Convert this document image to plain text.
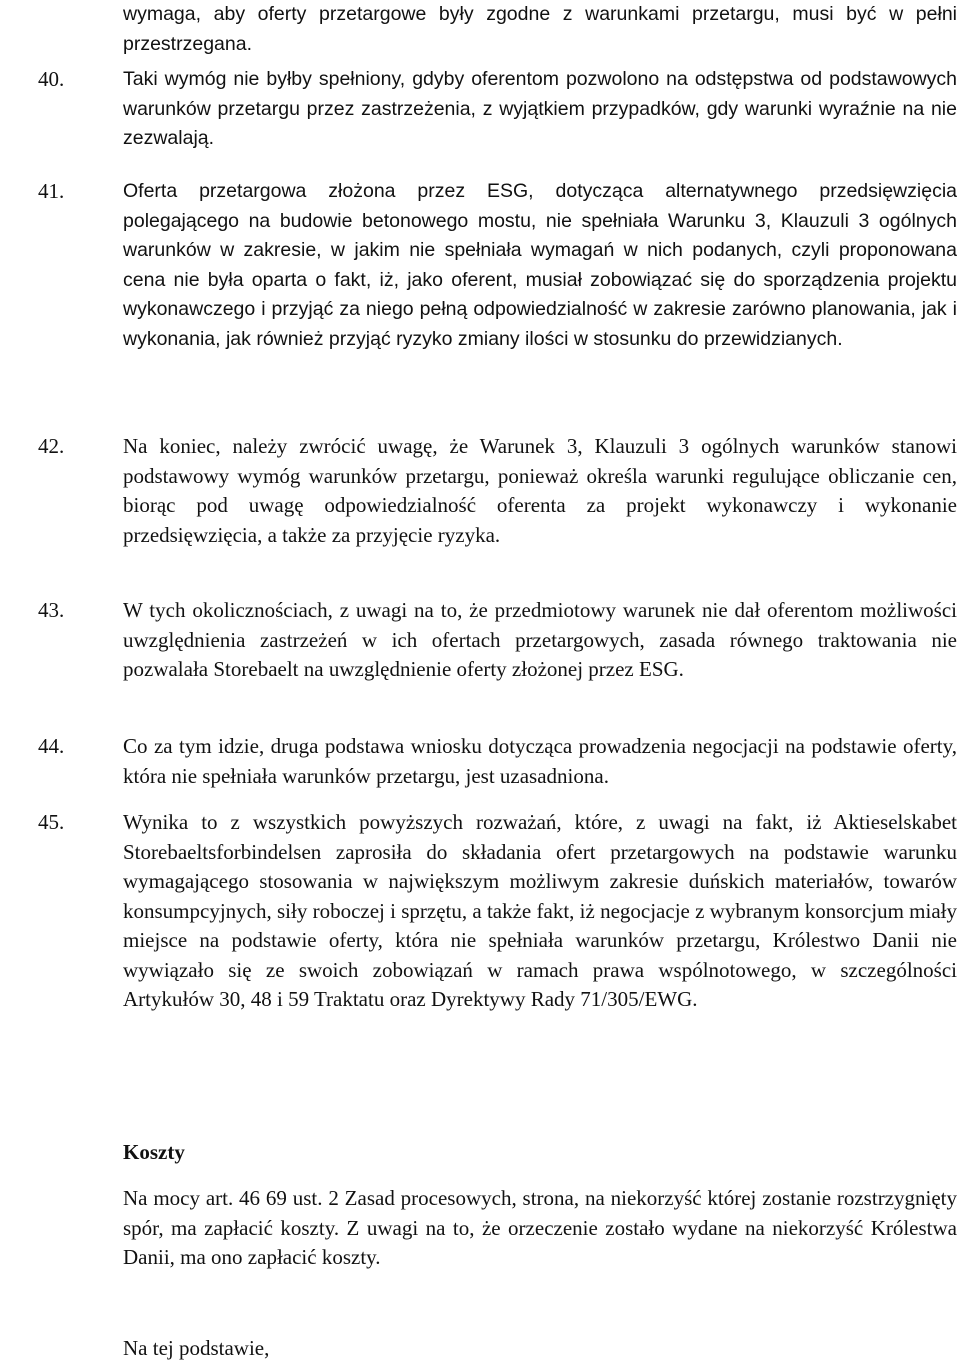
wymaga, aby oferty przetargowe były zgodne z warunkami przetargu, musi być w pełni przestrzegana.

40.	Taki wymóg nie byłby spełniony, gdyby oferentom pozwolono na odstępstwa od podstawowych warunków przetargu przez zastrzeżenia, z wyjątkiem przypadków, gdy warunki wyraźnie na nie zezwalają.

41.	Oferta przetargowa złożona przez ESG, dotycząca alternatywnego przedsięwzięcia polegającego na budowie betonowego mostu, nie spełniała Warunku 3, Klauzuli 3 ogólnych warunków w zakresie, w jakim nie spełniała wymagań w nich podanych, czyli proponowana cena nie była oparta o fakt, iż, jako oferent, musiał zobowiązać się do sporządzenia projektu wykonawczego i przyjąć za niego pełną odpowiedzialność w zakresie zarówno planowania, jak i wykonania, jak również przyjąć ryzyko zmiany ilości w stosunku do przewidzianych.

42.	Na koniec, należy zwrócić uwagę, że Warunek 3, Klauzuli 3 ogólnych warunków stanowi podstawowy wymóg warunków przetargu, ponieważ określa warunki regulujące obliczanie cen, biorąc pod uwagę odpowiedzialność oferenta za projekt wykonawczy i wykonanie przedsięwzięcia, a także za przyjęcie ryzyka.

43.	W tych okolicznościach, z uwagi na to, że przedmiotowy warunek nie dał oferentom możliwości uwzględnienia zastrzeżeń w ich ofertach przetargowych, zasada równego traktowania nie pozwalała Storebaelt na uwzględnienie oferty złożonej przez ESG.

44.	Co za tym idzie, druga podstawa wniosku dotycząca prowadzenia negocjacji na podstawie oferty, która nie spełniała warunków przetargu, jest uzasadniona.

45.	Wynika to z wszystkich powyższych rozważań, które, z uwagi na fakt, iż Aktieselskabet Storebaeltsforbindelsen zaprosiła do składania ofert przetargowych na podstawie warunku wymagającego stosowania w największym możliwym zakresie duńskich materiałów, towarów konsumpcyjnych, siły roboczej i sprzętu, a także fakt, iż negocjacje z wybranym konsorcjum miały miejsce na podstawie oferty, która nie spełniała warunków przetargu, Królestwo Danii nie wywiązało się ze swoich zobowiązań w ramach prawa wspólnotowego, w szczególności Artykułów 30, 48 i 59 Traktatu oraz Dyrektywy Rady 71/305/EWG.

Koszty

Na mocy art. 46 69 ust. 2 Zasad procesowych, strona, na niekorzyść której zostanie rozstrzygnięty spór, ma zapłacić koszty. Z uwagi na to, że orzeczenie zostało wydane na niekorzyść Królestwa Danii, ma ono zapłacić koszty.

Na tej podstawie,
